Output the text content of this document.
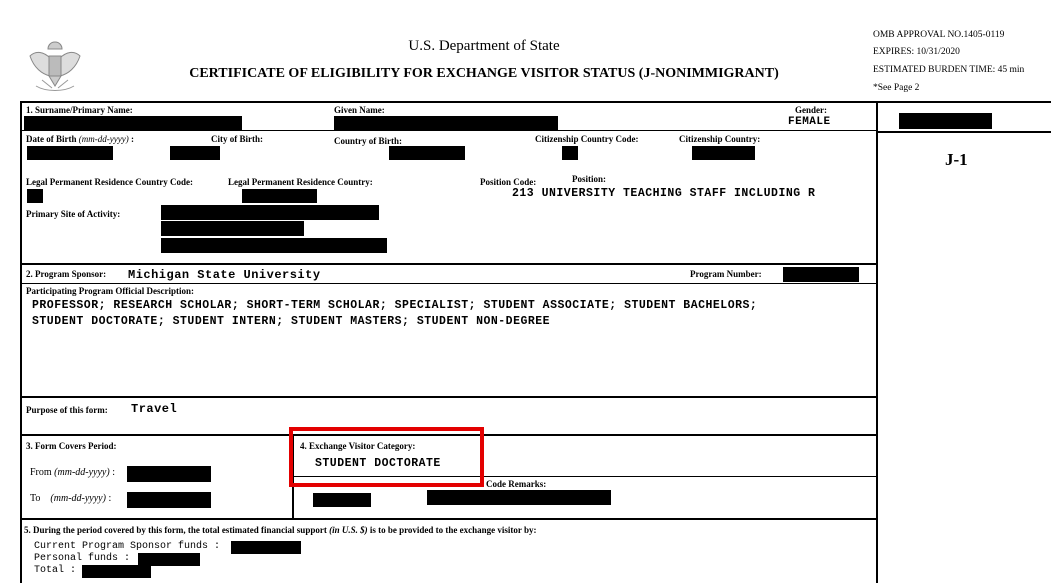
U.S. Department of State
CERTIFICATE OF ELIGIBILITY FOR EXCHANGE VISITOR STATUS (J-NONIMMIGRANT)
OMB APPROVAL NO.1405-0119
EXPIRES: 10/31/2020
ESTIMATED BURDEN TIME: 45 min
*See Page 2
1. Surname/Primary Name:	Given Name:	Gender:
FEMALE
Date of Birth (mm-dd-yyyy) :	City of Birth:	Country of Birth:	Citizenship Country Code:	Citizenship Country:
Legal Permanent Residence Country Code:	Legal Permanent Residence Country:	Position Code:	Position:
213 UNIVERSITY TEACHING STAFF INCLUDING R
Primary Site of Activity:
J-1
2. Program Sponsor: Michigan State University	Program Number:
Participating Program Official Description:
PROFESSOR; RESEARCH SCHOLAR; SHORT-TERM SCHOLAR; SPECIALIST; STUDENT ASSOCIATE; STUDENT BACHELORS;
STUDENT DOCTORATE; STUDENT INTERN; STUDENT MASTERS; STUDENT NON-DEGREE
Purpose of this form: Travel
3. Form Covers Period:
From (mm-dd-yyyy) :
To (mm-dd-yyyy) :
4. Exchange Visitor Category:
STUDENT DOCTORATE
Code Remarks:
5. During the period covered by this form, the total estimated financial support (in U.S. $) is to be provided to the exchange visitor by:
Current Program Sponsor funds :
Personal funds :
Total :
